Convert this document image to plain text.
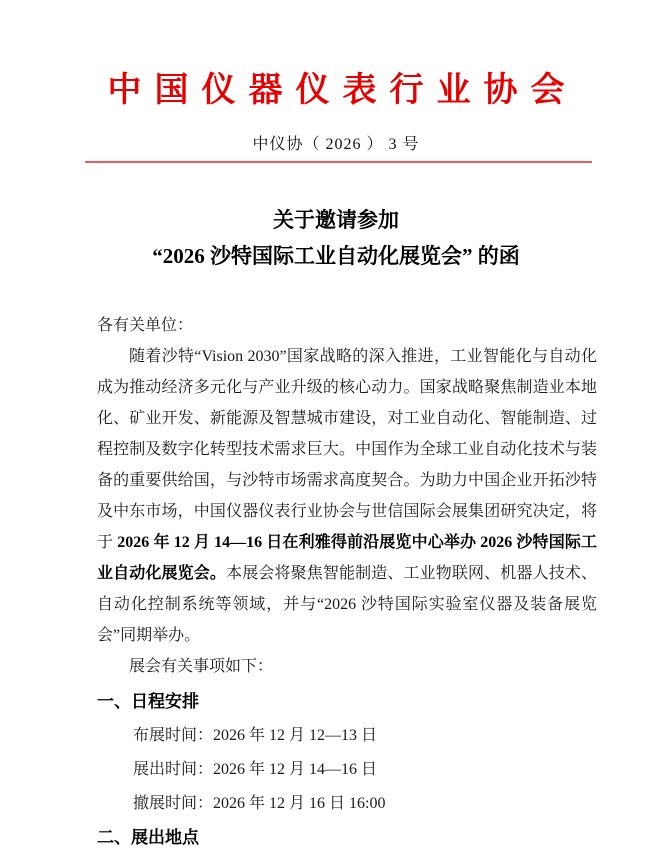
中国仪器仪表行业协会
中仪协（ 2026 ） 3 号
关于邀请参加
“2026 沙特国际工业自动化展览会” 的函

各有关单位：

随着沙特“Vision 2030”国家战略的深入推进，工业智能化与自动化成为推动经济多元化与产业升级的核心动力。国家战略聚焦制造业本地化、矿业开发、新能源及智慧城市建设，对工业自动化、智能制造、过程控制及数字化转型技术需求巨大。中国作为全球工业自动化技术与装备的重要供给国，与沙特市场需求高度契合。为助力中国企业开拓沙特及中东市场，中国仪器仪表行业协会与世信国际会展集团研究决定，将于 2026 年 12 月 14—16 日在利雅得前沿展览中心举办 2026 沙特国际工业自动化展览会。本展会将聚焦智能制造、工业物联网、机器人技术、自动化控制系统等领域，并与“2026 沙特国际实验室仪器及装备展览会”同期举办。

展会有关事项如下：

一、日程安排
布展时间：2026 年 12 月 12—13 日
展出时间：2026 年 12 月 14—16 日
撤展时间：2026 年 12 月 16 日 16:00
二、展出地点
